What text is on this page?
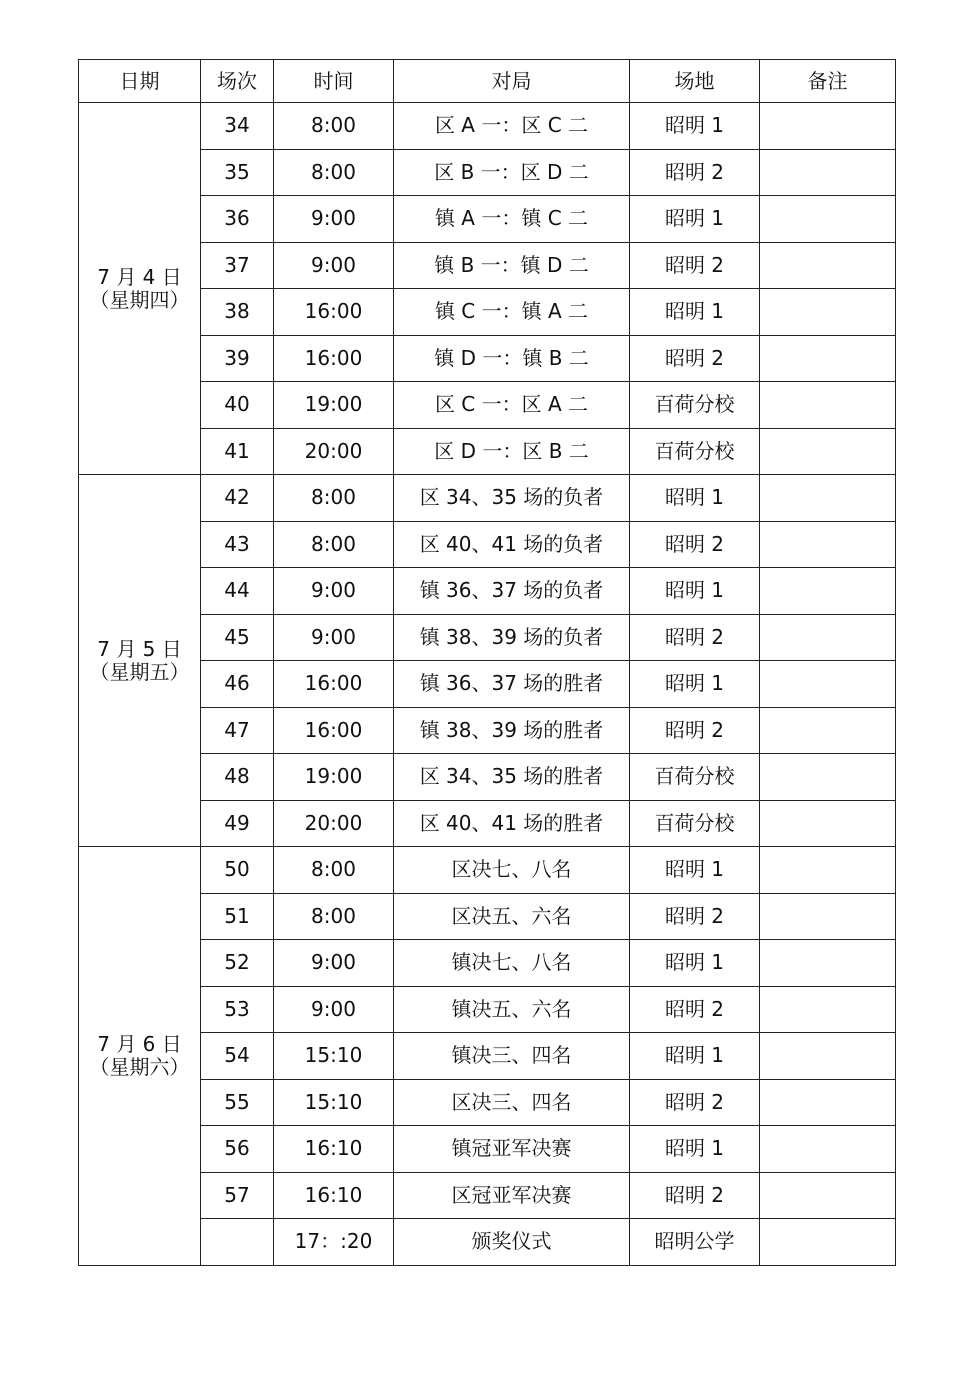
日期	场次	时间	对局	场地	备注

7 月 4 日
（星期四）	34	8:00	区 A 一：区 C 二	昭明 1	
	35	8:00	区 B 一：区 D 二	昭明 2	
	36	9:00	镇 A 一：镇 C 二	昭明 1	
	37	9:00	镇 B 一：镇 D 二	昭明 2	
	38	16:00	镇 C 一：镇 A 二	昭明 1	
	39	16:00	镇 D 一：镇 B 二	昭明 2	
	40	19:00	区 C 一：区 A 二	百荷分校	
	41	20:00	区 D 一：区 B 二	百荷分校	

7 月 5 日
（星期五）	42	8:00	区 34、35 场的负者	昭明 1	
	43	8:00	区 40、41 场的负者	昭明 2	
	44	9:00	镇 36、37 场的负者	昭明 1	
	45	9:00	镇 38、39 场的负者	昭明 2	
	46	16:00	镇 36、37 场的胜者	昭明 1	
	47	16:00	镇 38、39 场的胜者	昭明 2	
	48	19:00	区 34、35 场的胜者	百荷分校	
	49	20:00	区 40、41 场的胜者	百荷分校	

7 月 6 日
（星期六）	50	8:00	区决七、八名	昭明 1	
	51	8:00	区决五、六名	昭明 2	
	52	9:00	镇决七、八名	昭明 1	
	53	9:00	镇决五、六名	昭明 2	
	54	15:10	镇决三、四名	昭明 1	
	55	15:10	区决三、四名	昭明 2	
	56	16:10	镇冠亚军决赛	昭明 1	
	57	16:10	区冠亚军决赛	昭明 2	
		17：:20	颁奖仪式	昭明公学	
